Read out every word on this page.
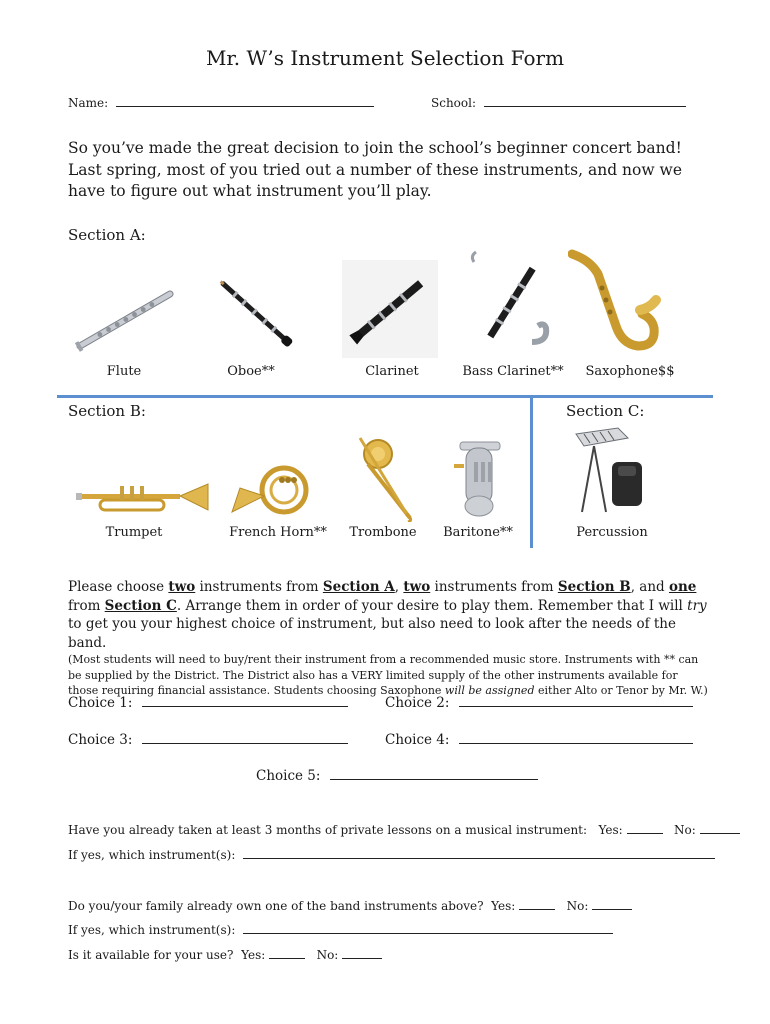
Mr. W’s Instrument Selection Form
Name:	School:
So you’ve made the great decision to join the school’s beginner concert band! Last spring, most of you tried out a number of these instruments, and now we have to figure out what instrument you’ll play.
Section A:
Flute	Oboe**	Clarinet	Bass Clarinet**	Saxophone$$
Section B:	Section C:
Trumpet	French Horn**	Trombone	Baritone**	Percussion
Please choose two instruments from Section A, two instruments from Section B, and one from Section C. Arrange them in order of your desire to play them. Remember that I will try to get you your highest choice of instrument, but also need to look after the needs of the band.
(Most students will need to buy/rent their instrument from a recommended music store. Instruments with ** can be supplied by the District. The District also has a VERY limited supply of the other instruments available for those requiring financial assistance. Students choosing Saxophone will be assigned either Alto or Tenor by Mr. W.)
Choice 1:	Choice 2:
Choice 3:	Choice 4:
Choice 5:
Have you already taken at least 3 months of private lessons on a musical instrument: Yes:	No:
If yes, which instrument(s):
Do you/your family already own one of the band instruments above? Yes:	No:
If yes, which instrument(s):
Is it available for your use? Yes:	No:
